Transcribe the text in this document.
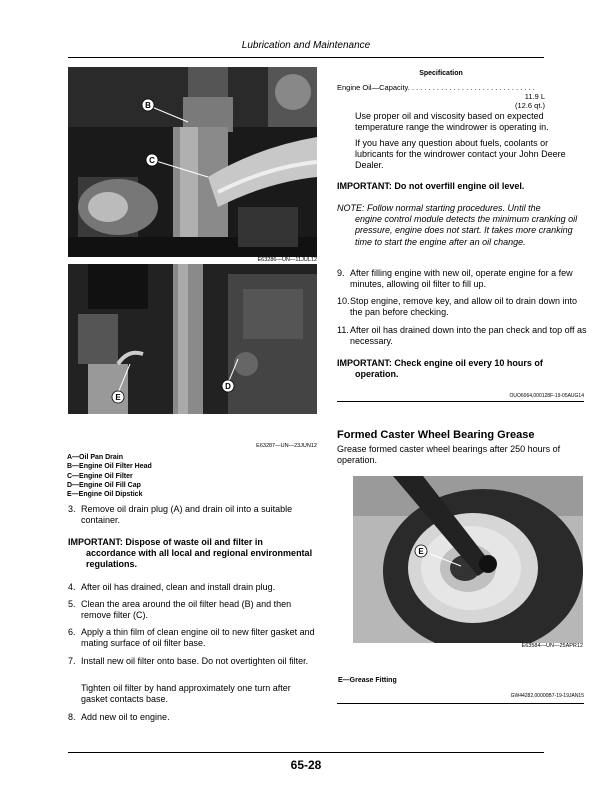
Lubrication and Maintenance
B
C
E63286—UN—11JUL12
D
E
E63287—UN—23JUN12
A—Oil Pan Drain
B—Engine Oil Filter Head
C—Engine Oil Filter
D—Engine Oil Fill Cap
E—Engine Oil Dipstick
3. Remove oil drain plug (A) and drain oil into a suitable container.
IMPORTANT: Dispose of waste oil and filter in
accordance with all local and regional environmental regulations.
4. After oil has drained, clean and install drain plug.
5. Clean the area around the oil filter head (B) and then remove filter (C).
6. Apply a thin film of clean engine oil to new filter gasket and mating surface of oil filter base.
7. Install new oil filter onto base. Do not overtighten oil filter.
Tighten oil filter by hand approximately one turn after gasket contacts base.
8. Add new oil to engine.
Specification
Engine Oil—Capacity. . . . . . . . . . . . . . . . . . . . . . . . . . . . . . .
11.9 L
(12.6 qt.)
Use proper oil and viscosity based on expected temperature range the windrower is operating in.
If you have any question about fuels, coolants or lubricants for the windrower contact your John Deere Dealer.
IMPORTANT: Do not overfill engine oil level.
NOTE: Follow normal starting procedures. Until the
engine control module detects the minimum cranking oil pressure, engine does not start. It takes more cranking time to start the engine after an oil change.
9. After filling engine with new oil, operate engine for a few minutes, allowing oil filter to fill up.
10. Stop engine, remove key, and allow oil to drain down into the pan before checking.
11. After oil has drained down into the pan check and top off as necessary.
IMPORTANT: Check engine oil every 10 hours of
operation.
OUO6064,000128F-19-05AUG14
Formed Caster Wheel Bearing Grease
Grease formed caster wheel bearings after 250 hours of operation.
E
E63584—UN—25APR12
E—Grease Fitting
GW44282,00000B7-19-19JAN15
65-28
